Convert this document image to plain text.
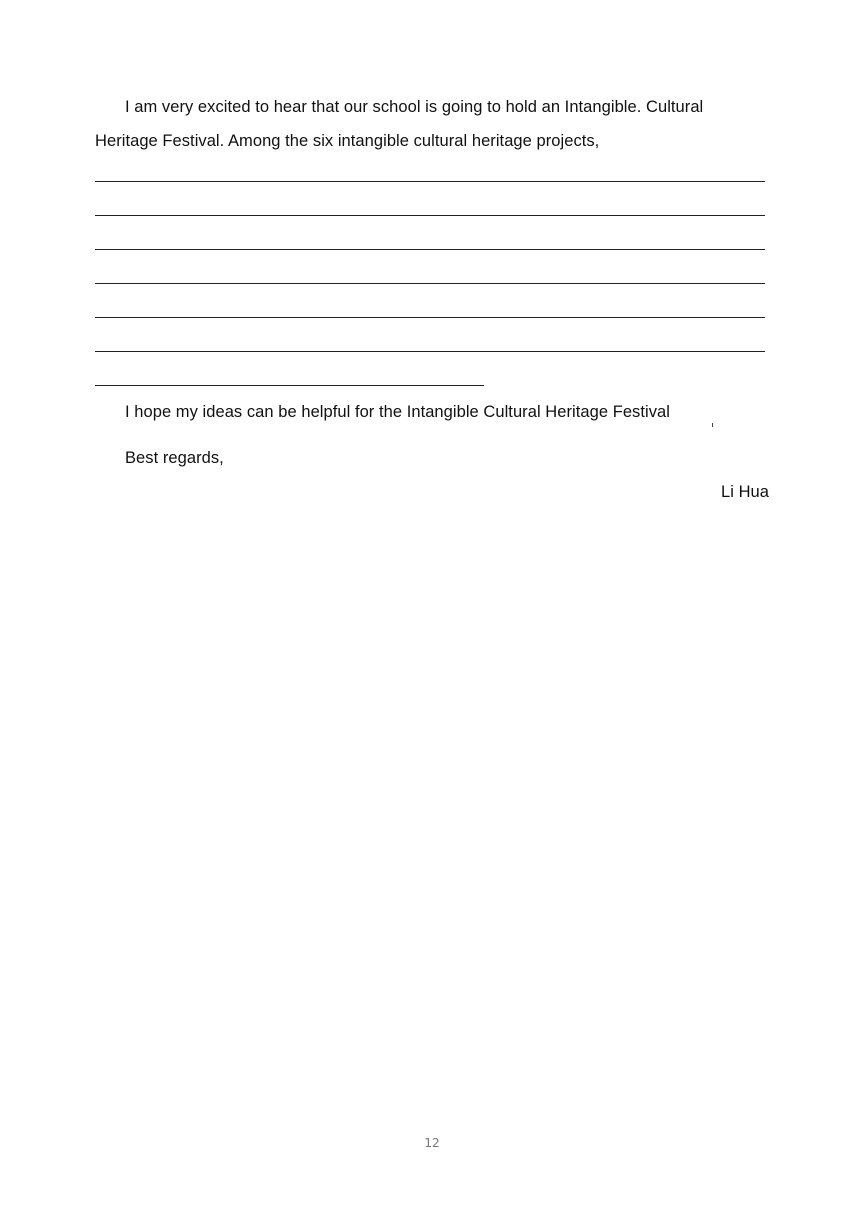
I am very excited to hear that our school is going to hold an Intangible. Cultural
Heritage Festival. Among the six intangible cultural heritage projects,
I hope my ideas can be helpful for the Intangible Cultural Heritage Festival
Best regards,
Li Hua
12
